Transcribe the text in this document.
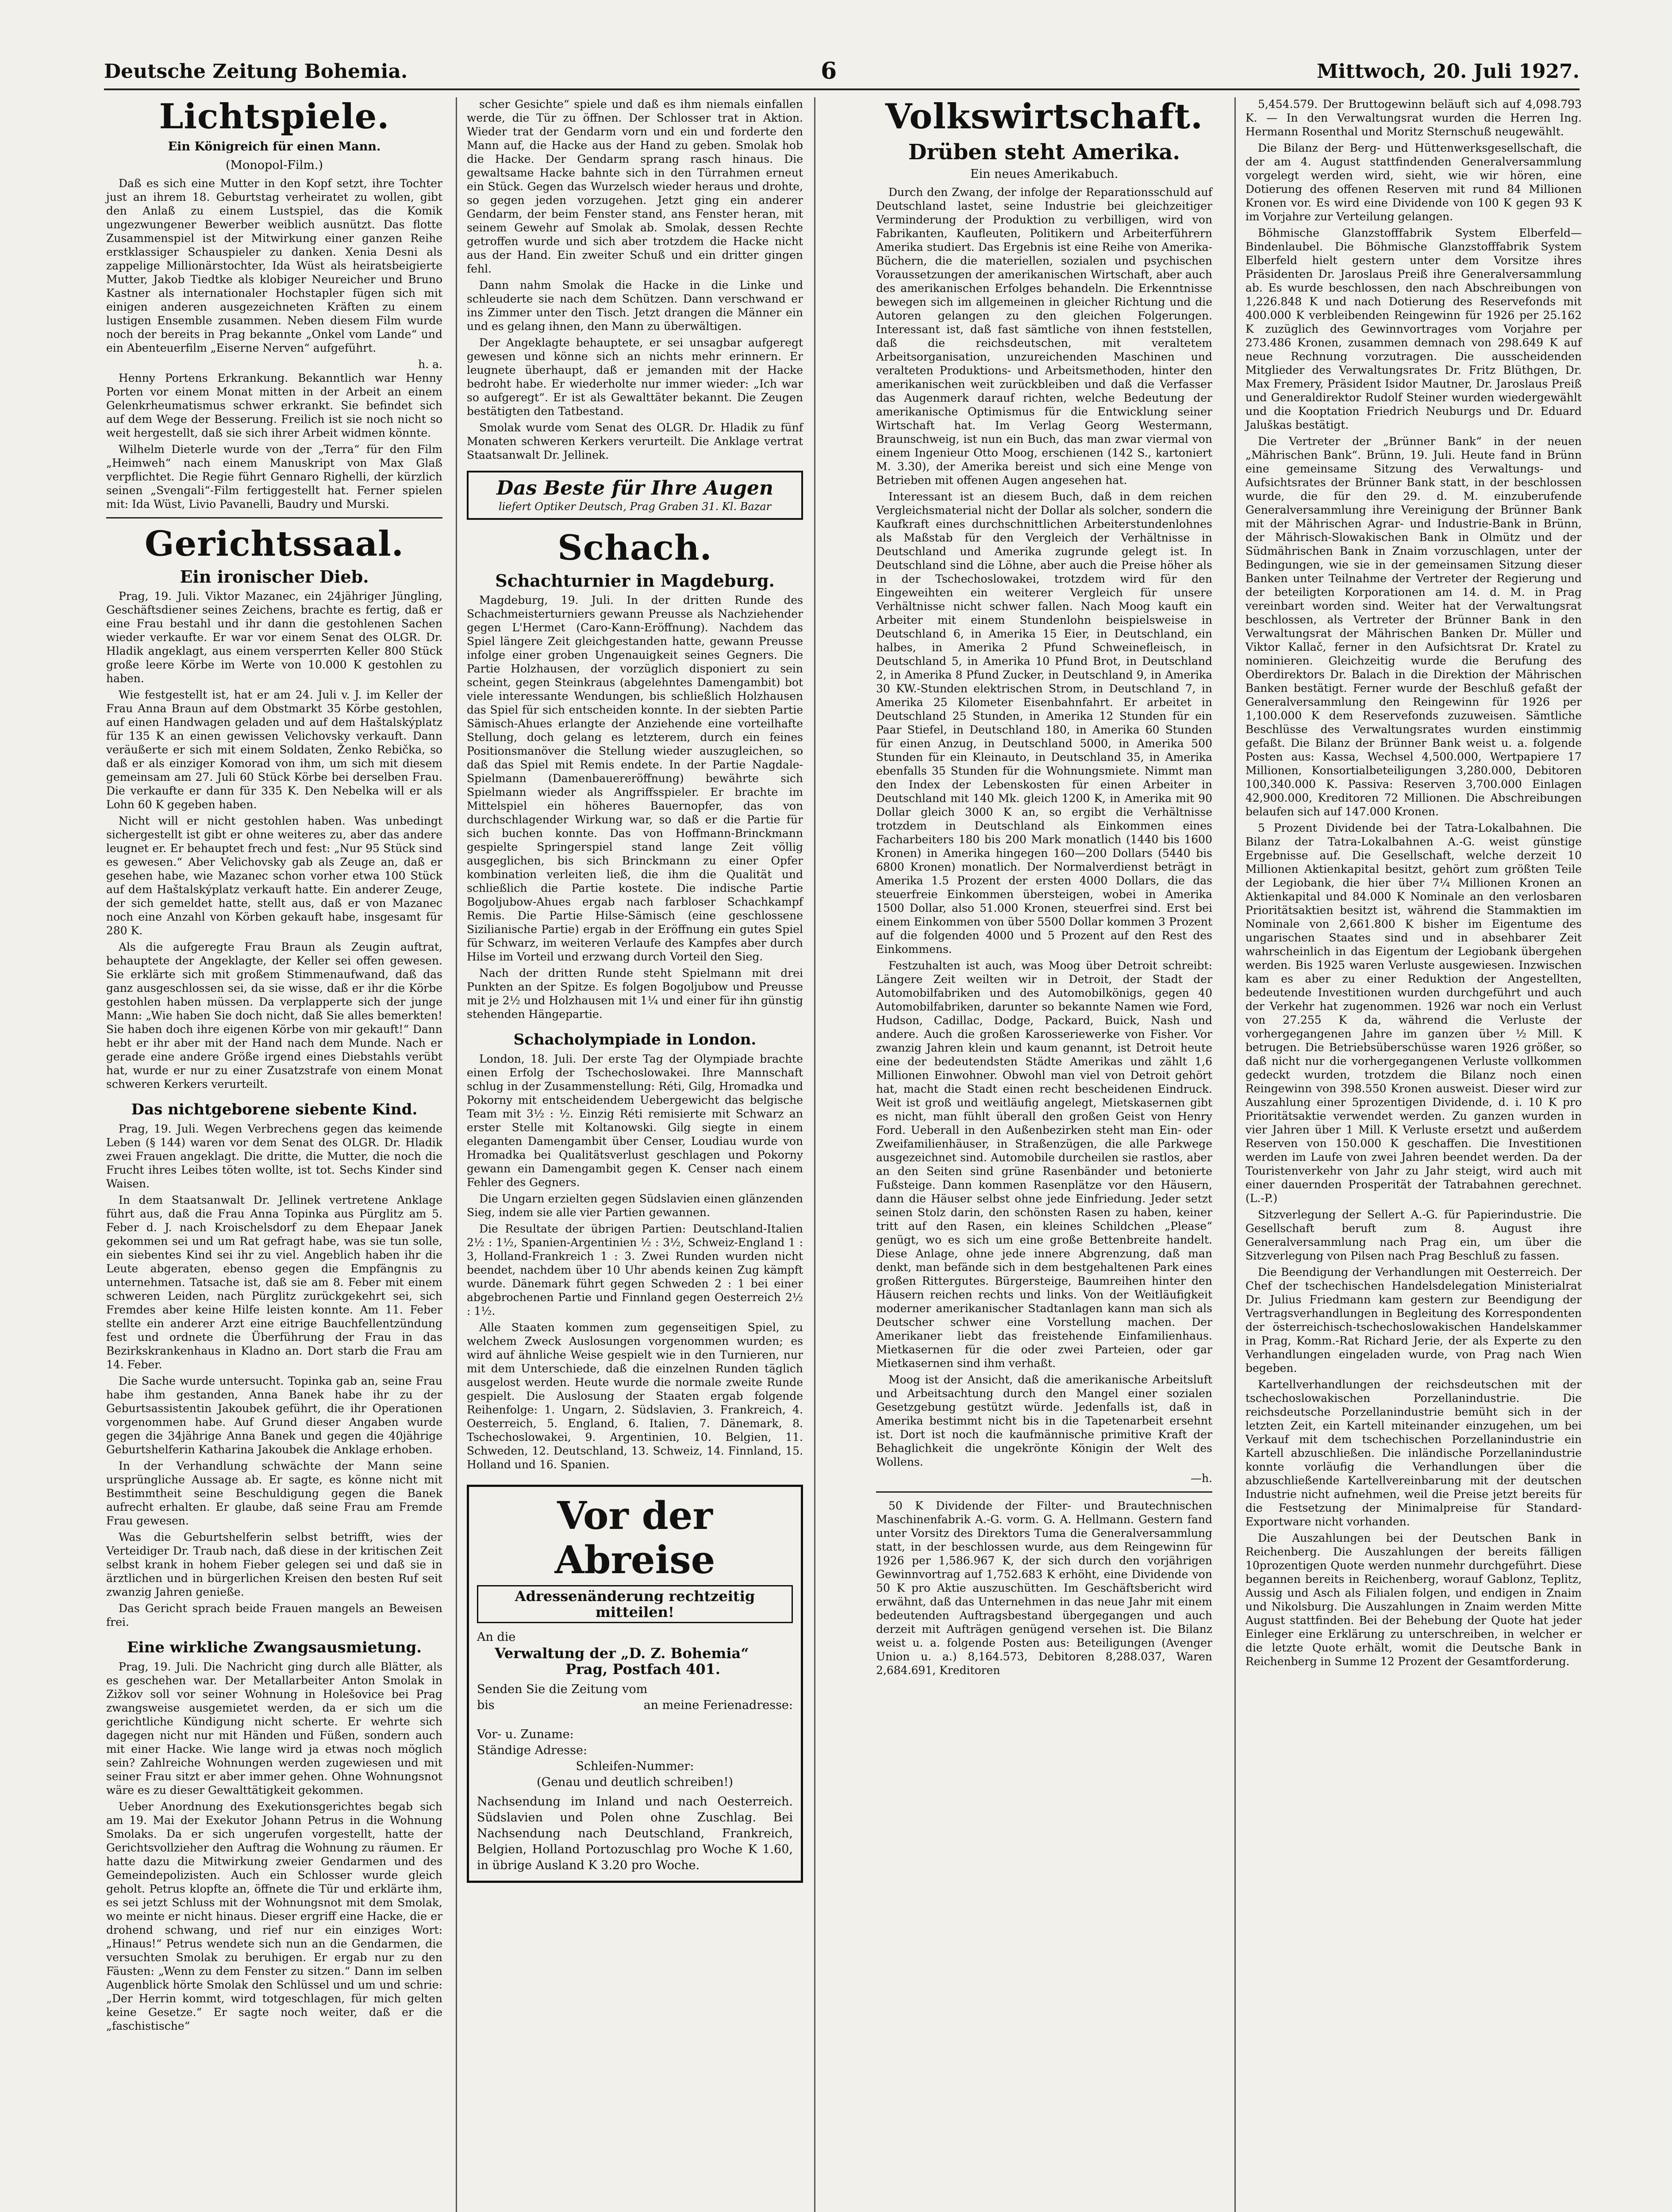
Deutsche Zeitung Bohemia.	6	Mittwoch, 20. Juli 1927.
Lichtspiele.
Ein Königreich für einen Mann.
(Monopol-Film.)

Daß es sich eine Mutter in den Kopf setzt, ihre Tochter just an ihrem 18. Geburtstag verheiratet zu wollen, gibt den Anlaß zu einem Lustspiel, das die Komik ungezwungener Bewerber weiblich ausnützt. Das flotte Zusammenspiel ist der Mitwirkung einer ganzen Reihe erstklassiger Schauspieler zu danken. Xenia Desni als zappelige Millionärstochter, Ida Wüst als heiratsbeigierte Mutter, Jakob Tiedtke als klobiger Neureicher und Bruno Kastner als internationaler Hochstapler fügen sich mit einigen anderen ausgezeichneten Kräften zu einem lustigen Ensemble zusammen. Neben diesem Film wurde noch der bereits in Prag bekannte „Onkel vom Lande“ und ein Abenteuerfilm „Eiserne Nerven“ aufgeführt.

h. a.

Henny Portens Erkrankung. Bekanntlich war Henny Porten vor einem Monat mitten in der Arbeit an einem Gelenkrheumatismus schwer erkrankt. Sie befindet sich auf dem Wege der Besserung. Freilich ist sie noch nicht so weit hergestellt, daß sie sich ihrer Arbeit widmen könnte.

Wilhelm Dieterle wurde von der „Terra“ für den Film „Heimweh“ nach einem Manuskript von Max Glaß verpflichtet. Die Regie führt Gennaro Righelli, der kürzlich seinen „Svengali“-Film fertiggestellt hat. Ferner spielen mit: Ida Wüst, Livio Pavanelli, Baudry und Murski.

Gerichtssaal.
Ein ironischer Dieb.

Prag, 19. Juli. Viktor Mazanec, ein 24jähriger Jüngling, Geschäftsdiener seines Zeichens, brachte es fertig, daß er eine Frau bestahl und ihr dann die gestohlenen Sachen wieder verkaufte. Er war vor einem Senat des OLGR. Dr. Hladik angeklagt, aus einem versperrten Keller 800 Stück große leere Körbe im Werte von 10.000 K gestohlen zu haben.

Wie festgestellt ist, hat er am 24. Juli v. J. im Keller der Frau Anna Braun auf dem Obstmarkt 35 Körbe gestohlen, auf einen Handwagen geladen und auf dem Haštalskýplatz für 135 K an einen gewissen Velichovsky verkauft. Dann veräußerte er sich mit einem Soldaten, Ženko Rebička, so daß er als einziger Komorad von ihm, um sich mit diesem gemeinsam am 27. Juli 60 Stück Körbe bei derselben Frau. Die verkaufte er dann für 335 K. Den Nebelka will er als Lohn 60 K gegeben haben.

Nicht will er nicht gestohlen haben. Was unbedingt sichergestellt ist gibt er ohne weiteres zu, aber das andere leugnet er. Er behauptet frech und fest: „Nur 95 Stück sind es gewesen.“ Aber Velichovsky gab als Zeuge an, daß er gesehen habe, wie Mazanec schon vorher etwa 100 Stück auf dem Haštalskýplatz verkauft hatte. Ein anderer Zeuge, der sich gemeldet hatte, stellt aus, daß er von Mazanec noch eine Anzahl von Körben gekauft habe, insgesamt für 280 K.

Als die aufgeregte Frau Braun als Zeugin auftrat, behauptete der Angeklagte, der Keller sei offen gewesen. Sie erklärte sich mit großem Stimmenaufwand, daß das ganz ausgeschlossen sei, da sie wisse, daß er ihr die Körbe gestohlen haben müssen. Da verplapperte sich der junge Mann: „Wie haben Sie doch nicht, daß Sie alles bemerkten! Sie haben doch ihre eigenen Körbe von mir gekauft!“ Dann hebt er ihr aber mit der Hand nach dem Munde. Nach er gerade eine andere Größe irgend eines Diebstahls verübt hat, wurde er nur zu einer Zusatzstrafe von einem Monat schweren Kerkers verurteilt.

Das nichtgeborene siebente Kind.

Prag, 19. Juli. Wegen Verbrechens gegen das keimende Leben (§ 144) waren vor dem Senat des OLGR. Dr. Hladik zwei Frauen angeklagt. Die dritte, die Mutter, die noch die Frucht ihres Leibes töten wollte, ist tot. Sechs Kinder sind Waisen.

In dem Staatsanwalt Dr. Jellinek vertretene Anklage führt aus, daß die Frau Anna Topinka aus Pürglitz am 5. Feber d. J. nach Kroischelsdorf zu dem Ehepaar Janek gekommen sei und um Rat gefragt habe, was sie tun solle, ein siebentes Kind sei ihr zu viel. Angeblich haben ihr die Leute abgeraten, ebenso gegen die Empfängnis zu unternehmen. Tatsache ist, daß sie am 8. Feber mit einem schweren Leiden, nach Pürglitz zurückgekehrt sei, sich Fremdes aber keine Hilfe leisten konnte. Am 11. Feber stellte ein anderer Arzt eine eitrige Bauchfellentzündung fest und ordnete die Überführung der Frau in das Bezirkskrankenhaus in Kladno an. Dort starb die Frau am 14. Feber.

Die Sache wurde untersucht. Topinka gab an, seine Frau habe ihm gestanden, Anna Banek habe ihr zu der Geburtsassistentin Jakoubek geführt, die ihr Operationen vorgenommen habe. Auf Grund dieser Angaben wurde gegen die 34jährige Anna Banek und gegen die 40jährige Geburtshelferin Katharina Jakoubek die Anklage erhoben.

In der Verhandlung schwächte der Mann seine ursprüngliche Aussage ab. Er sagte, es könne nicht mit Bestimmtheit seine Beschuldigung gegen die Banek aufrecht erhalten. Er glaube, daß seine Frau am Fremde Frau gewesen.

Was die Geburtshelferin selbst betrifft, wies der Verteidiger Dr. Traub nach, daß diese in der kritischen Zeit selbst krank in hohem Fieber gelegen sei und daß sie in ärztlichen und in bürgerlichen Kreisen den besten Ruf seit zwanzig Jahren genieße.

Das Gericht sprach beide Frauen mangels an Beweisen frei.

Eine wirkliche Zwangsausmietung.

Prag, 19. Juli. Die Nachricht ging durch alle Blätter, als es geschehen war. Der Metallarbeiter Anton Smolak in Zižkov soll vor seiner Wohnung in Holešovice bei Prag zwangsweise ausgemietet werden, da er sich um die gerichtliche Kündigung nicht scherte. Er wehrte sich dagegen nicht nur mit Händen und Füßen, sondern auch mit einer Hacke. Wie lange wird ja etwas noch möglich sein? Zahlreiche Wohnungen werden zugewiesen und mit seiner Frau sitzt er aber immer gehen. Ohne Wohnungsnot wäre es zu dieser Gewalttätigkeit gekommen.

Ueber Anordnung des Exekutionsgerichtes begab sich am 19. Mai der Exekutor Johann Petrus in die Wohnung Smolaks. Da er sich ungerufen vorgestellt, hatte der Gerichtsvollzieher den Auftrag die Wohnung zu räumen. Er hatte dazu die Mitwirkung zweier Gendarmen und des Gemeindepolizisten. Auch ein Schlosser wurde gleich geholt. Petrus klopfte an, öffnete die Tür und erklärte ihm, es sei jetzt Schluss mit der Wohnungsnot mit dem Smolak, wo meinte er nicht hinaus. Dieser ergriff eine Hacke, die er drohend schwang, und rief nur ein einziges Wort: „Hinaus!“ Petrus wendete sich nun an die Gendarmen, die versuchten Smolak zu beruhigen. Er ergab nur zu den Fäusten: „Wenn zu dem Fenster zu sitzen.“ Dann im selben Augenblick hörte Smolak den Schlüssel und um und schrie: „Der Herrin kommt, wird totgeschlagen, für mich gelten keine Gesetze.“ Er sagte noch weiter, daß er die „faschistische“

scher Gesichte“ spiele und daß es ihm niemals einfallen werde, die Tür zu öffnen. Der Schlosser trat in Aktion. Wieder trat der Gendarm vorn und ein und forderte den Mann auf, die Hacke aus der Hand zu geben. Smolak hob die Hacke. Der Gendarm sprang rasch hinaus. Die gewaltsame Hacke bahnte sich in den Türrahmen erneut ein Stück. Gegen das Wurzelsch wieder heraus und drohte, so gegen jeden vorzugehen. Jetzt ging ein anderer Gendarm, der beim Fenster stand, ans Fenster heran, mit seinem Gewehr auf Smolak ab. Smolak, dessen Rechte getroffen wurde und sich aber trotzdem die Hacke nicht aus der Hand. Ein zweiter Schuß und ein dritter gingen fehl.

Dann nahm Smolak die Hacke in die Linke und schleuderte sie nach dem Schützen. Dann verschwand er ins Zimmer unter den Tisch. Jetzt drangen die Männer ein und es gelang ihnen, den Mann zu überwältigen.

Der Angeklagte behauptete, er sei unsagbar aufgeregt gewesen und könne sich an nichts mehr erinnern. Er leugnete überhaupt, daß er jemanden mit der Hacke bedroht habe. Er wiederholte nur immer wieder: „Ich war so aufgeregt“. Er ist als Gewalttäter bekannt. Die Zeugen bestätigten den Tatbestand.

Smolak wurde vom Senat des OLGR. Dr. Hladik zu fünf Monaten schweren Kerkers verurteilt. Die Anklage vertrat Staatsanwalt Dr. Jellinek.

Das Beste für Ihre Augen
liefert Optiker Deutsch, Prag Graben 31. Kl. Bazar
Schach.
Schachturnier in Magdeburg.

Magdeburg, 19. Juli. In der dritten Runde des Schachmeisterturniers gewann Preusse als Nachziehender gegen L'Hermet (Caro-Kann-Eröffnung). Nachdem das Spiel längere Zeit gleichgestanden hatte, gewann Preusse infolge einer groben Ungenauigkeit seines Gegners. Die Partie Holzhausen, der vorzüglich disponiert zu sein scheint, gegen Steinkraus (abgelehntes Damengambit) bot viele interessante Wendungen, bis schließlich Holzhausen das Spiel für sich entscheiden konnte. In der siebten Partie Sämisch-Ahues erlangte der Anziehende eine vorteilhafte Stellung, doch gelang es letzterem, durch ein feines Positionsmanöver die Stellung wieder auszugleichen, so daß das Spiel mit Remis endete. In der Partie Nagdale-Spielmann (Damenbauereröffnung) bewährte sich Spielmann wieder als Angriffsspieler. Er brachte im Mittelspiel ein höheres Bauernopfer, das von durchschlagender Wirkung war, so daß er die Partie für sich buchen konnte. Das von Hoffmann-Brinckmann gespielte Springerspiel stand lange Zeit völlig ausgeglichen, bis sich Brinckmann zu einer Opfer kombination verleiten ließ, die ihm die Qualität und schließlich die Partie kostete. Die indische Partie Bogoljubow-Ahues ergab nach farbloser Schachkampf Remis. Die Partie Hilse-Sämisch (eine geschlossene Sizilianische Partie) ergab in der Eröffnung ein gutes Spiel für Schwarz, im weiteren Verlaufe des Kampfes aber durch Hilse im Vorteil und erzwang durch Vorteil den Sieg.

Nach der dritten Runde steht Spielmann mit drei Punkten an der Spitze. Es folgen Bogoljubow und Preusse mit je 2½ und Holzhausen mit 1¼ und einer für ihn günstig stehenden Hängepartie.

Schacholympiade in London.

London, 18. Juli. Der erste Tag der Olympiade brachte einen Erfolg der Tschechoslowakei. Ihre Mannschaft schlug in der Zusammenstellung: Réti, Gilg, Hromadka und Pokorny mit entscheidendem Uebergewicht das belgische Team mit 3½ : ½. Einzig Réti remisierte mit Schwarz an erster Stelle mit Koltanowski. Gilg siegte in einem eleganten Damengambit über Censer, Loudiau wurde von Hromadka bei Qualitätsverlust geschlagen und Pokorny gewann ein Damengambit gegen K. Censer nach einem Fehler des Gegners.

Die Ungarn erzielten gegen Südslavien einen glänzenden Sieg, indem sie alle vier Partien gewannen.

Die Resultate der übrigen Partien: Deutschland-Italien 2½ : 1½, Spanien-Argentinien ½ : 3½, Schweiz-England 1 : 3, Holland-Frankreich 1 : 3. Zwei Runden wurden nicht beendet, nachdem über 10 Uhr abends keinen Zug kämpft wurde. Dänemark führt gegen Schweden 2 : 1 bei einer abgebrochenen Partie und Finnland gegen Oesterreich 2½ : 1½.

Alle Staaten kommen zum gegenseitigen Spiel, zu welchem Zweck Auslosungen vorgenommen wurden; es wird auf ähnliche Weise gespielt wie in den Turnieren, nur mit dem Unterschiede, daß die einzelnen Runden täglich ausgelost werden. Heute wurde die normale zweite Runde gespielt. Die Auslosung der Staaten ergab folgende Reihenfolge: 1. Ungarn, 2. Südslavien, 3. Frankreich, 4. Oesterreich, 5. England, 6. Italien, 7. Dänemark, 8. Tschechoslowakei, 9. Argentinien, 10. Belgien, 11. Schweden, 12. Deutschland, 13. Schweiz, 14. Finnland, 15. Holland und 16. Spanien.

Vor der Abreise
Adressenänderung rechtzeitig mitteilen!
An die
Verwaltung der „D. Z. Bohemia“
Prag, Postfach 401.
Senden Sie die Zeitung vom
bis	an meine Ferienadresse:
Vor- u. Zuname:
Ständige Adresse:
Schleifen-Nummer:
(Genau und deutlich schreiben!)
Nachsendung im Inland und nach Oesterreich. Südslavien und Polen ohne Zuschlag. Bei Nachsendung nach Deutschland, Frankreich, Belgien, Holland Portozuschlag pro Woche K 1.60, in übrige Ausland K 3.20 pro Woche.
Volkswirtschaft.
Drüben steht Amerika.
Ein neues Amerikabuch.

Durch den Zwang, der infolge der Reparationsschuld auf Deutschland lastet, seine Industrie bei gleichzeitiger Verminderung der Produktion zu verbilligen, wird von Fabrikanten, Kaufleuten, Politikern und Arbeiterführern Amerika studiert. Das Ergebnis ist eine Reihe von Amerika-Büchern, die die materiellen, sozialen und psychischen Voraussetzungen der amerikanischen Wirtschaft, aber auch des amerikanischen Erfolges behandeln. Die Erkenntnisse bewegen sich im allgemeinen in gleicher Richtung und die Autoren gelangen zu den gleichen Folgerungen. Interessant ist, daß fast sämtliche von ihnen feststellen, daß die reichsdeutschen, mit veraltetem Arbeitsorganisation, unzureichenden Maschinen und veralteten Produktions- und Arbeitsmethoden, hinter den amerikanischen weit zurückbleiben und daß die Verfasser das Augenmerk darauf richten, welche Bedeutung der amerikanische Optimismus für die Entwicklung seiner Wirtschaft hat. Im Verlag Georg Westermann, Braunschweig, ist nun ein Buch, das man zwar viermal von einem Ingenieur Otto Moog, erschienen (142 S., kartoniert M. 3.30), der Amerika bereist und sich eine Menge von Betrieben mit offenen Augen angesehen hat.

Interessant ist an diesem Buch, daß in dem reichen Vergleichsmaterial nicht der Dollar als solcher, sondern die Kaufkraft eines durchschnittlichen Arbeiterstundenlohnes als Maßstab für den Vergleich der Verhältnisse in Deutschland und Amerika zugrunde gelegt ist. In Deutschland sind die Löhne, aber auch die Preise höher als in der Tschechoslowakei, trotzdem wird für den Eingeweihten ein weiterer Vergleich für unsere Verhältnisse nicht schwer fallen. Nach Moog kauft ein Arbeiter mit einem Stundenlohn beispielsweise in Deutschland 6, in Amerika 15 Eier, in Deutschland, ein halbes, in Amerika 2 Pfund Schweinefleisch, in Deutschland 5, in Amerika 10 Pfund Brot, in Deutschland 2, in Amerika 8 Pfund Zucker, in Deutschland 9, in Amerika 30 KW.-Stunden elektrischen Strom, in Deutschland 7, in Amerika 25 Kilometer Eisenbahnfahrt. Er arbeitet in Deutschland 25 Stunden, in Amerika 12 Stunden für ein Paar Stiefel, in Deutschland 180, in Amerika 60 Stunden für einen Anzug, in Deutschland 5000, in Amerika 500 Stunden für ein Kleinauto, in Deutschland 35, in Amerika ebenfalls 35 Stunden für die Wohnungsmiete. Nimmt man den Index der Lebenskosten für einen Arbeiter in Deutschland mit 140 Mk. gleich 1200 K, in Amerika mit 90 Dollar gleich 3000 K an, so ergibt die Verhältnisse trotzdem in Deutschland als Einkommen eines Facharbeiters 180 bis 200 Mark monatlich (1440 bis 1600 Kronen) in Amerika hingegen 160—200 Dollars (5440 bis 6800 Kronen) monatlich. Der Normalverdienst beträgt in Amerika 1.5 Prozent der ersten 4000 Dollars, die das steuerfreie Einkommen übersteigen, wobei in Amerika 1500 Dollar, also 51.000 Kronen, steuerfrei sind. Erst bei einem Einkommen von über 5500 Dollar kommen 3 Prozent auf die folgenden 4000 und 5 Prozent auf den Rest des Einkommens.

Festzuhalten ist auch, was Moog über Detroit schreibt: Längere Zeit weilten wir in Detroit, der Stadt der Automobilfabriken und des Automobilkönigs, gegen 40 Automobilfabriken, darunter so bekannte Namen wie Ford, Hudson, Cadillac, Dodge, Packard, Buick, Nash und andere. Auch die großen Karosseriewerke von Fisher. Vor zwanzig Jahren klein und kaum genannt, ist Detroit heute eine der bedeutendsten Städte Amerikas und zählt 1,6 Millionen Einwohner. Obwohl man viel von Detroit gehört hat, macht die Stadt einen recht bescheidenen Eindruck. Weit ist groß und weitläufig angelegt, Mietskasernen gibt es nicht, man fühlt überall den großen Geist von Henry Ford. Ueberall in den Außenbezirken steht man Ein- oder Zweifamilienhäuser, in Straßenzügen, die alle Parkwege ausgezeichnet sind. Automobile durcheilen sie rastlos, aber an den Seiten sind grüne Rasenbänder und betonierte Fußsteige. Dann kommen Rasenplätze vor den Häusern, dann die Häuser selbst ohne jede Einfriedung. Jeder setzt seinen Stolz darin, den schönsten Rasen zu haben, keiner tritt auf den Rasen, ein kleines Schildchen „Please“ genügt, wo es sich um eine große Bettenbreite handelt. Diese Anlage, ohne jede innere Abgrenzung, daß man denkt, man befände sich in dem bestgehaltenen Park eines großen Rittergutes. Bürgersteige, Baumreihen hinter den Häusern reichen rechts und links. Von der Weitläufigkeit moderner amerikanischer Stadtanlagen kann man sich als Deutscher schwer eine Vorstellung machen. Der Amerikaner liebt das freistehende Einfamilienhaus. Mietkasernen für die oder zwei Parteien, oder gar Mietkasernen sind ihm verhaßt.

Moog ist der Ansicht, daß die amerikanische Arbeitsluft und Arbeitsachtung durch den Mangel einer sozialen Gesetzgebung gestützt würde. Jedenfalls ist, daß in Amerika bestimmt nicht bis in die Tapetenarbeit ersehnt ist. Dort ist noch die kaufmännische primitive Kraft der Behaglichkeit die ungekrönte Königin der Welt des Wollens.

—h.

50 K Dividende der Filter- und Brautechnischen Maschinenfabrik A.-G. vorm. G. A. Hellmann. Gestern fand unter Vorsitz des Direktors Tuma die Generalversammlung statt, in der beschlossen wurde, aus dem Reingewinn für 1926 per 1,586.967 K, der sich durch den vorjährigen Gewinnvortrag auf 1,752.683 K erhöht, eine Dividende von 50 K pro Aktie auszuschütten. Im Geschäftsbericht wird erwähnt, daß das Unternehmen in das neue Jahr mit einem bedeutenden Auftragsbestand übergegangen und auch derzeit mit Aufträgen genügend versehen ist. Die Bilanz weist u. a. folgende Posten aus: Beteiligungen (Avenger Union u. a.) 8,164.573, Debitoren 8,288.037, Waren 2,684.691, Kreditoren

5,454.579. Der Bruttogewinn beläuft sich auf 4,098.793 K. — In den Verwaltungsrat wurden die Herren Ing. Hermann Rosenthal und Moritz Sternschuß neugewählt.

Die Bilanz der Berg- und Hüttenwerksgesellschaft, die der am 4. August stattfindenden Generalversammlung vorgelegt werden wird, sieht, wie wir hören, eine Dotierung des offenen Reserven mit rund 84 Millionen Kronen vor. Es wird eine Dividende von 100 K gegen 93 K im Vorjahre zur Verteilung gelangen.

Böhmische Glanzstofffabrik System Elberfeld—Bindenlaubel. Die Böhmische Glanzstofffabrik System Elberfeld hielt gestern unter dem Vorsitze ihres Präsidenten Dr. Jaroslaus Preiß ihre Generalversammlung ab. Es wurde beschlossen, den nach Abschreibungen von 1,226.848 K und nach Dotierung des Reservefonds mit 400.000 K verbleibenden Reingewinn für 1926 per 25.162 K zuzüglich des Gewinnvortrages vom Vorjahre per 273.486 Kronen, zusammen demnach von 298.649 K auf neue Rechnung vorzutragen. Die ausscheidenden Mitglieder des Verwaltungsrates Dr. Fritz Blüthgen, Dr. Max Fremery, Präsident Isidor Mautner, Dr. Jaroslaus Preiß und Generaldirektor Rudolf Steiner wurden wiedergewählt und die Kooptation Friedrich Neuburgs und Dr. Eduard Jaluškas bestätigt.

Die Vertreter der „Brünner Bank“ in der neuen „Mährischen Bank“. Brünn, 19. Juli. Heute fand in Brünn eine gemeinsame Sitzung des Verwaltungs- und Aufsichtsrates der Brünner Bank statt, in der beschlossen wurde, die für den 29. d. M. einzuberufende Generalversammlung ihre Vereinigung der Brünner Bank mit der Mährischen Agrar- und Industrie-Bank in Brünn, der Mährisch-Slowakischen Bank in Olmütz und der Südmährischen Bank in Znaim vorzuschlagen, unter der Bedingungen, wie sie in der gemeinsamen Sitzung dieser Banken unter Teilnahme der Vertreter der Regierung und der beteiligten Korporationen am 14. d. M. in Prag vereinbart worden sind. Weiter hat der Verwaltungsrat beschlossen, als Vertreter der Brünner Bank in den Verwaltungsrat der Mährischen Banken Dr. Müller und Viktor Kallač, ferner in den Aufsichtsrat Dr. Kratel zu nominieren. Gleichzeitig wurde die Berufung des Oberdirektors Dr. Balach in die Direktion der Mährischen Banken bestätigt. Ferner wurde der Beschluß gefaßt der Generalversammlung den Reingewinn für 1926 per 1,100.000 K dem Reservefonds zuzuweisen. Sämtliche Beschlüsse des Verwaltungsrates wurden einstimmig gefaßt. Die Bilanz der Brünner Bank weist u. a. folgende Posten aus: Kassa, Wechsel 4,500.000, Wertpapiere 17 Millionen, Konsortialbeteiligungen 3,280.000, Debitoren 100,340.000 K. Passiva: Reserven 3,700.000 Einlagen 42,900.000, Kreditoren 72 Millionen. Die Abschreibungen belaufen sich auf 147.000 Kronen.

5 Prozent Dividende bei der Tatra-Lokalbahnen. Die Bilanz der Tatra-Lokalbahnen A.-G. weist günstige Ergebnisse auf. Die Gesellschaft, welche derzeit 10 Millionen Aktienkapital besitzt, gehört zum größten Teile der Legiobank, die hier über 7¼ Millionen Kronen an Aktienkapital und 84.000 K Nominale an den verlosbaren Prioritätsaktien besitzt ist, während die Stammaktien im Nominale von 2,661.800 K bisher im Eigentume des ungarischen Staates sind und in absehbarer Zeit wahrscheinlich in das Eigentum der Legiobank übergehen werden. Bis 1925 waren Verluste ausgewiesen. Inzwischen kam es aber zu einer Reduktion der Angestellten, bedeutende Investitionen wurden durchgeführt und auch der Verkehr hat zugenommen. 1926 war noch ein Verlust von 27.255 K da, während die Verluste der vorhergegangenen Jahre im ganzen über ½ Mill. K betrugen. Die Betriebsüberschüsse waren 1926 größer, so daß nicht nur die vorhergegangenen Verluste vollkommen gedeckt wurden, trotzdem die Bilanz noch einen Reingewinn von 398.550 Kronen ausweist. Dieser wird zur Auszahlung einer 5prozentigen Dividende, d. i. 10 K pro Prioritätsaktie verwendet werden. Zu ganzen wurden in vier Jahren über 1 Mill. K Verluste ersetzt und außerdem Reserven von 150.000 K geschaffen. Die Investitionen werden im Laufe von zwei Jahren beendet werden. Da der Touristenverkehr von Jahr zu Jahr steigt, wird auch mit einer dauernden Prosperität der Tatrabahnen gerechnet. (L.-P.)

Sitzverlegung der Sellert A.-G. für Papierindustrie. Die Gesellschaft beruft zum 8. August ihre Generalversammlung nach Prag ein, um über die Sitzverlegung von Pilsen nach Prag Beschluß zu fassen.

Die Beendigung der Verhandlungen mit Oesterreich. Der Chef der tschechischen Handelsdelegation Ministerialrat Dr. Julius Friedmann kam gestern zur Beendigung der Vertragsverhandlungen in Begleitung des Korrespondenten der österreichisch-tschechoslowakischen Handelskammer in Prag, Komm.-Rat Richard Jerie, der als Experte zu den Verhandlungen eingeladen wurde, von Prag nach Wien begeben.

Kartellverhandlungen der reichsdeutschen mit der tschechoslowakischen Porzellanindustrie. Die reichsdeutsche Porzellanindustrie bemüht sich in der letzten Zeit, ein Kartell miteinander einzugehen, um bei Verkauf mit dem tschechischen Porzellanindustrie ein Kartell abzuschließen. Die inländische Porzellanindustrie konnte vorläufig die Verhandlungen über die abzuschließende Kartellvereinbarung mit der deutschen Industrie nicht aufnehmen, weil die Preise jetzt bereits für die Festsetzung der Minimalpreise für Standard-Exportware nicht vorhanden.

Die Auszahlungen bei der Deutschen Bank in Reichenberg. Die Auszahlungen der bereits fälligen 10prozentigen Quote werden nunmehr durchgeführt. Diese begannen bereits in Reichenberg, worauf Gablonz, Teplitz, Aussig und Asch als Filialen folgen, und endigen in Znaim und Nikolsburg. Die Auszahlungen in Znaim werden Mitte August stattfinden. Bei der Behebung der Quote hat jeder Einleger eine Erklärung zu unterschreiben, in welcher er die letzte Quote erhält, womit die Deutsche Bank in Reichenberg in Summe 12 Prozent der Gesamtforderung.
